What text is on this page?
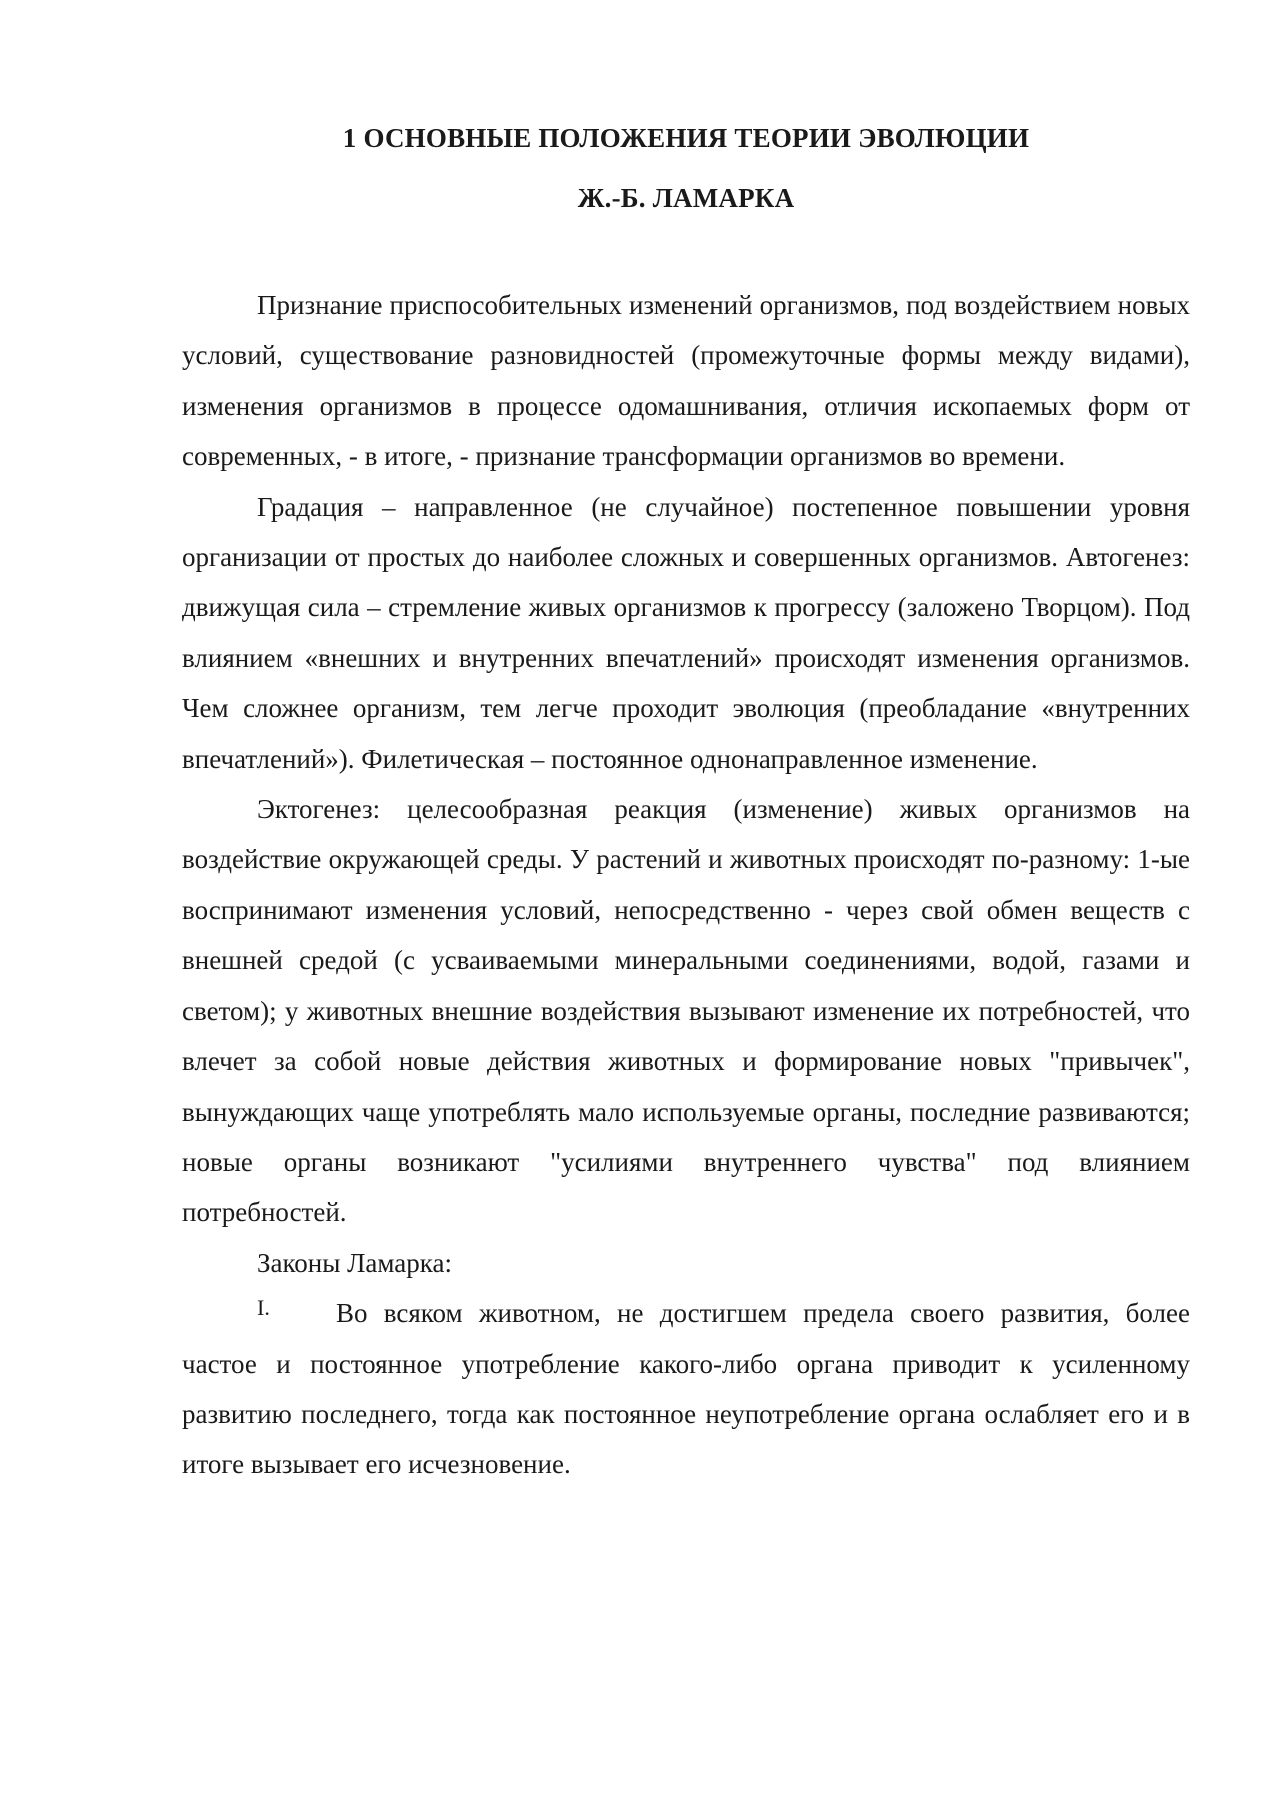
1 ОСНОВНЫЕ ПОЛОЖЕНИЯ ТЕОРИИ ЭВОЛЮЦИИ
Ж.-Б. ЛАМАРКА

Признание приспособительных изменений организмов, под воздействием новых условий, существование разновидностей (промежуточные формы между видами), изменения организмов в процессе одомашнивания, отличия ископаемых форм от современных, - в итоге, - признание трансформации организмов во времени.

Градация – направленное (не случайное) постепенное повышении уровня организации от простых до наиболее сложных и совершенных организмов. Автогенез: движущая сила – стремление живых организмов к прогрессу (заложено Творцом). Под влиянием «внешних и внутренних впечатлений» происходят изменения организмов. Чем сложнее организм, тем легче проходит эволюция (преобладание «внутренних впечатлений»). Филетическая – постоянное однонаправленное изменение.

Эктогенез: целесообразная реакция (изменение) живых организмов на воздействие окружающей среды. У растений и животных происходят по-разному: 1-ые воспринимают изменения условий, непосредственно - через свой обмен веществ с внешней средой (с усваиваемыми минеральными соединениями, водой, газами и светом); у животных внешние воздействия вызывают изменение их потребностей, что влечет за собой новые действия животных и формирование новых "привычек", вынуждающих чаще употреблять мало используемые органы, последние развиваются; новые органы возникают "усилиями внутреннего чувства" под влиянием потребностей.

Законы Ламарка:

I. Во всяком животном, не достигшем предела своего развития, более частое и постоянное употребление какого-либо органа приводит к усиленному развитию последнего, тогда как постоянное неупотребление органа ослабляет его и в итоге вызывает его исчезновение.
